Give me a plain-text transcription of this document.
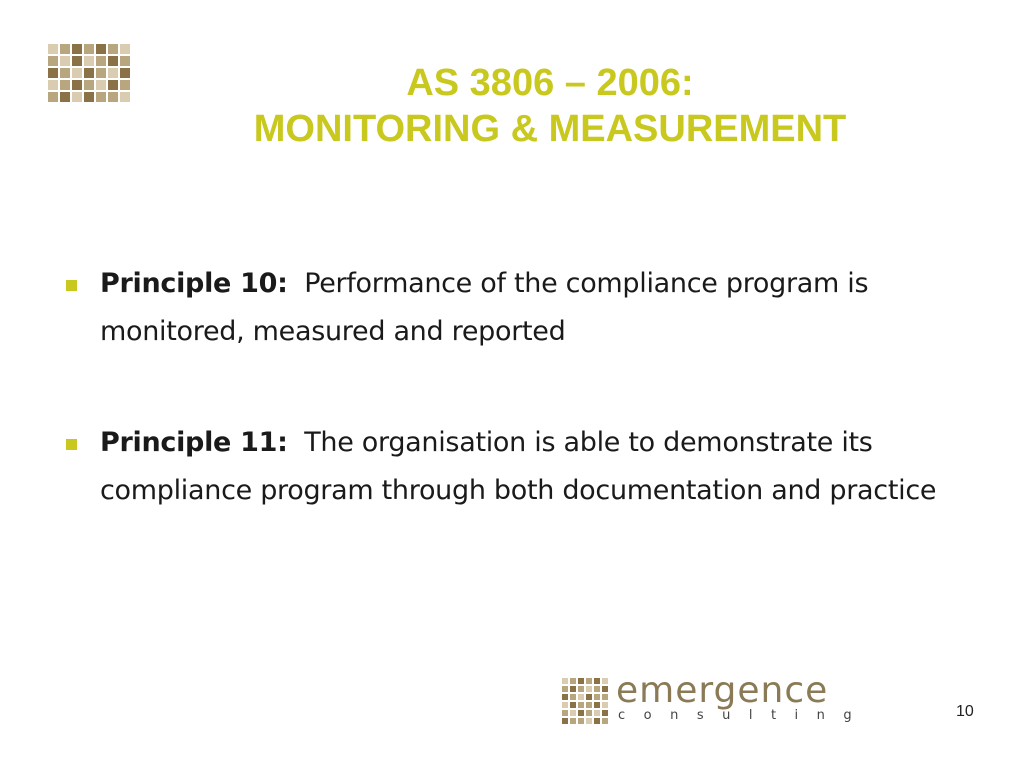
AS 3806 – 2006:
MONITORING & MEASUREMENT
Principle 10: Performance of the compliance program is monitored, measured and reported
Principle 11: The organisation is able to demonstrate its compliance program through both documentation and practice
emergence
consulting	10
